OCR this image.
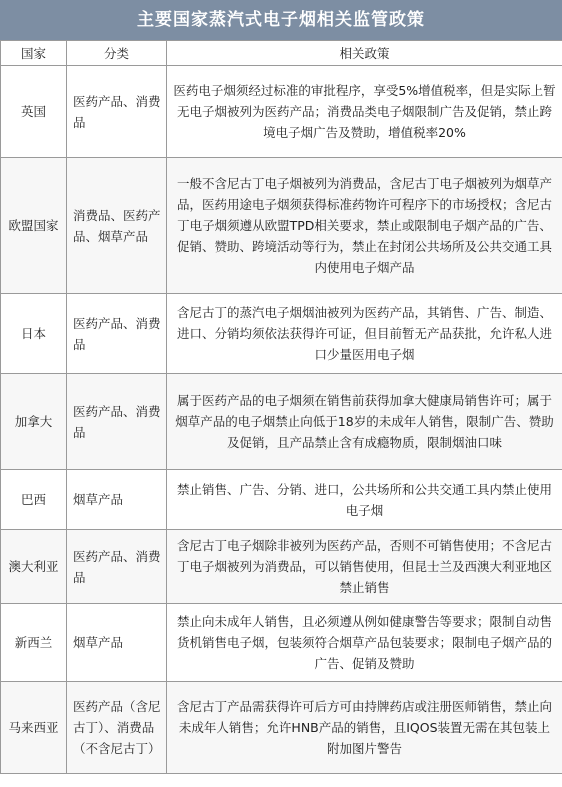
主要国家蒸汽式电子烟相关监管政策
国家	分类	相关政策
英国	医药产品、消费品	医药电子烟须经过标准的审批程序，享受5%增值税率，但是实际上暂无电子烟被列为医药产品；消费品类电子烟限制广告及促销，禁止跨境电子烟广告及赞助，增值税率20%
欧盟国家	消费品、医药产品、烟草产品	一般不含尼古丁电子烟被列为消费品，含尼古丁电子烟被列为烟草产品，医药用途电子烟须获得标准药物许可程序下的市场授权；含尼古丁电子烟须遵从欧盟TPD相关要求，禁止或限制电子烟产品的广告、促销、赞助、跨境活动等行为，禁止在封闭公共场所及公共交通工具内使用电子烟产品
日本	医药产品、消费品	含尼古丁的蒸汽电子烟烟油被列为医药产品，其销售、广告、制造、进口、分销均须依法获得许可证，但目前暂无产品获批，允许私人进口少量医用电子烟
加拿大	医药产品、消费品	属于医药产品的电子烟须在销售前获得加拿大健康局销售许可；属于烟草产品的电子烟禁止向低于18岁的未成年人销售，限制广告、赞助及促销，且产品禁止含有成瘾物质，限制烟油口味
巴西	烟草产品	禁止销售、广告、分销、进口，公共场所和公共交通工具内禁止使用电子烟
澳大利亚	医药产品、消费品	含尼古丁电子烟除非被列为医药产品，否则不可销售使用；不含尼古丁电子烟被列为消费品，可以销售使用，但昆士兰及西澳大利亚地区禁止销售
新西兰	烟草产品	禁止向未成年人销售，且必须遵从例如健康警告等要求；限制自动售货机销售电子烟，包装须符合烟草产品包装要求；限制电子烟产品的广告、促销及赞助
马来西亚	医药产品（含尼古丁）、消费品（不含尼古丁）	含尼古丁产品需获得许可后方可由持牌药店或注册医师销售，禁止向未成年人销售；允许HNB产品的销售，且IQOS装置无需在其包装上附加图片警告
